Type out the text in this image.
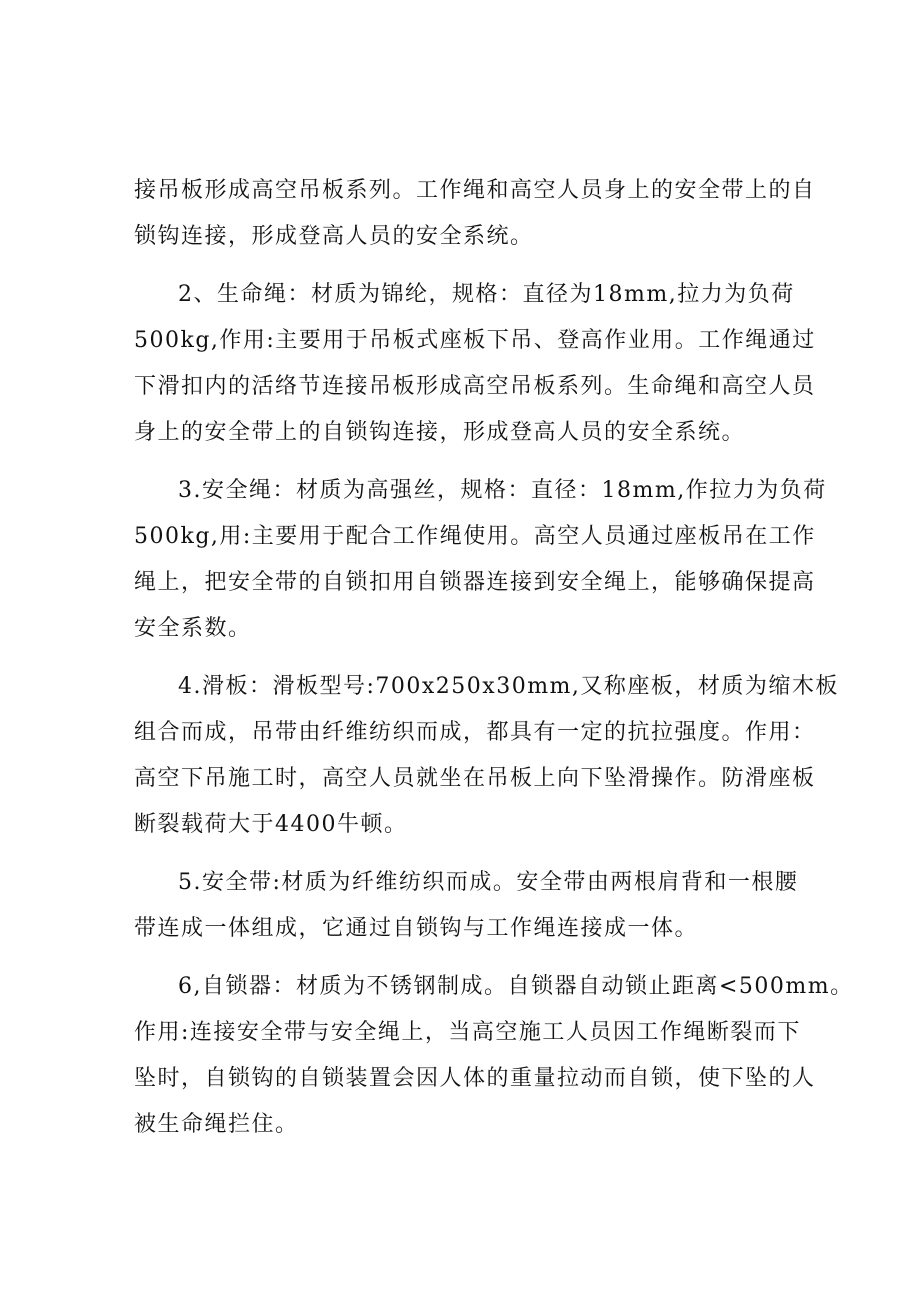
接吊板形成高空吊板系列。工作绳和高空人员身上的安全带上的自
锁钩连接，形成登高人员的安全系统。

2、生命绳：材质为锦纶，规格：直径为18mm,拉力为负荷
500kg,作用:主要用于吊板式座板下吊、登高作业用。工作绳通过
下滑扣内的活络节连接吊板形成高空吊板系列。生命绳和高空人员
身上的安全带上的自锁钩连接，形成登高人员的安全系统。

3.安全绳：材质为高强丝，规格：直径：18mm,作拉力为负荷
500kg,用:主要用于配合工作绳使用。高空人员通过座板吊在工作
绳上，把安全带的自锁扣用自锁器连接到安全绳上，能够确保提高
安全系数。

4.滑板：滑板型号:700x250x30mm,又称座板，材质为缩木板
组合而成，吊带由纤维纺织而成，都具有一定的抗拉强度。作用：
高空下吊施工时，高空人员就坐在吊板上向下坠滑操作。防滑座板
断裂载荷大于4400牛顿。

5.安全带:材质为纤维纺织而成。安全带由两根肩背和一根腰
带连成一体组成，它通过自锁钩与工作绳连接成一体。

6,自锁器：材质为不锈钢制成。自锁器自动锁止距离<500mm。
作用:连接安全带与安全绳上，当高空施工人员因工作绳断裂而下
坠时，自锁钩的自锁装置会因人体的重量拉动而自锁，使下坠的人
被生命绳拦住。
